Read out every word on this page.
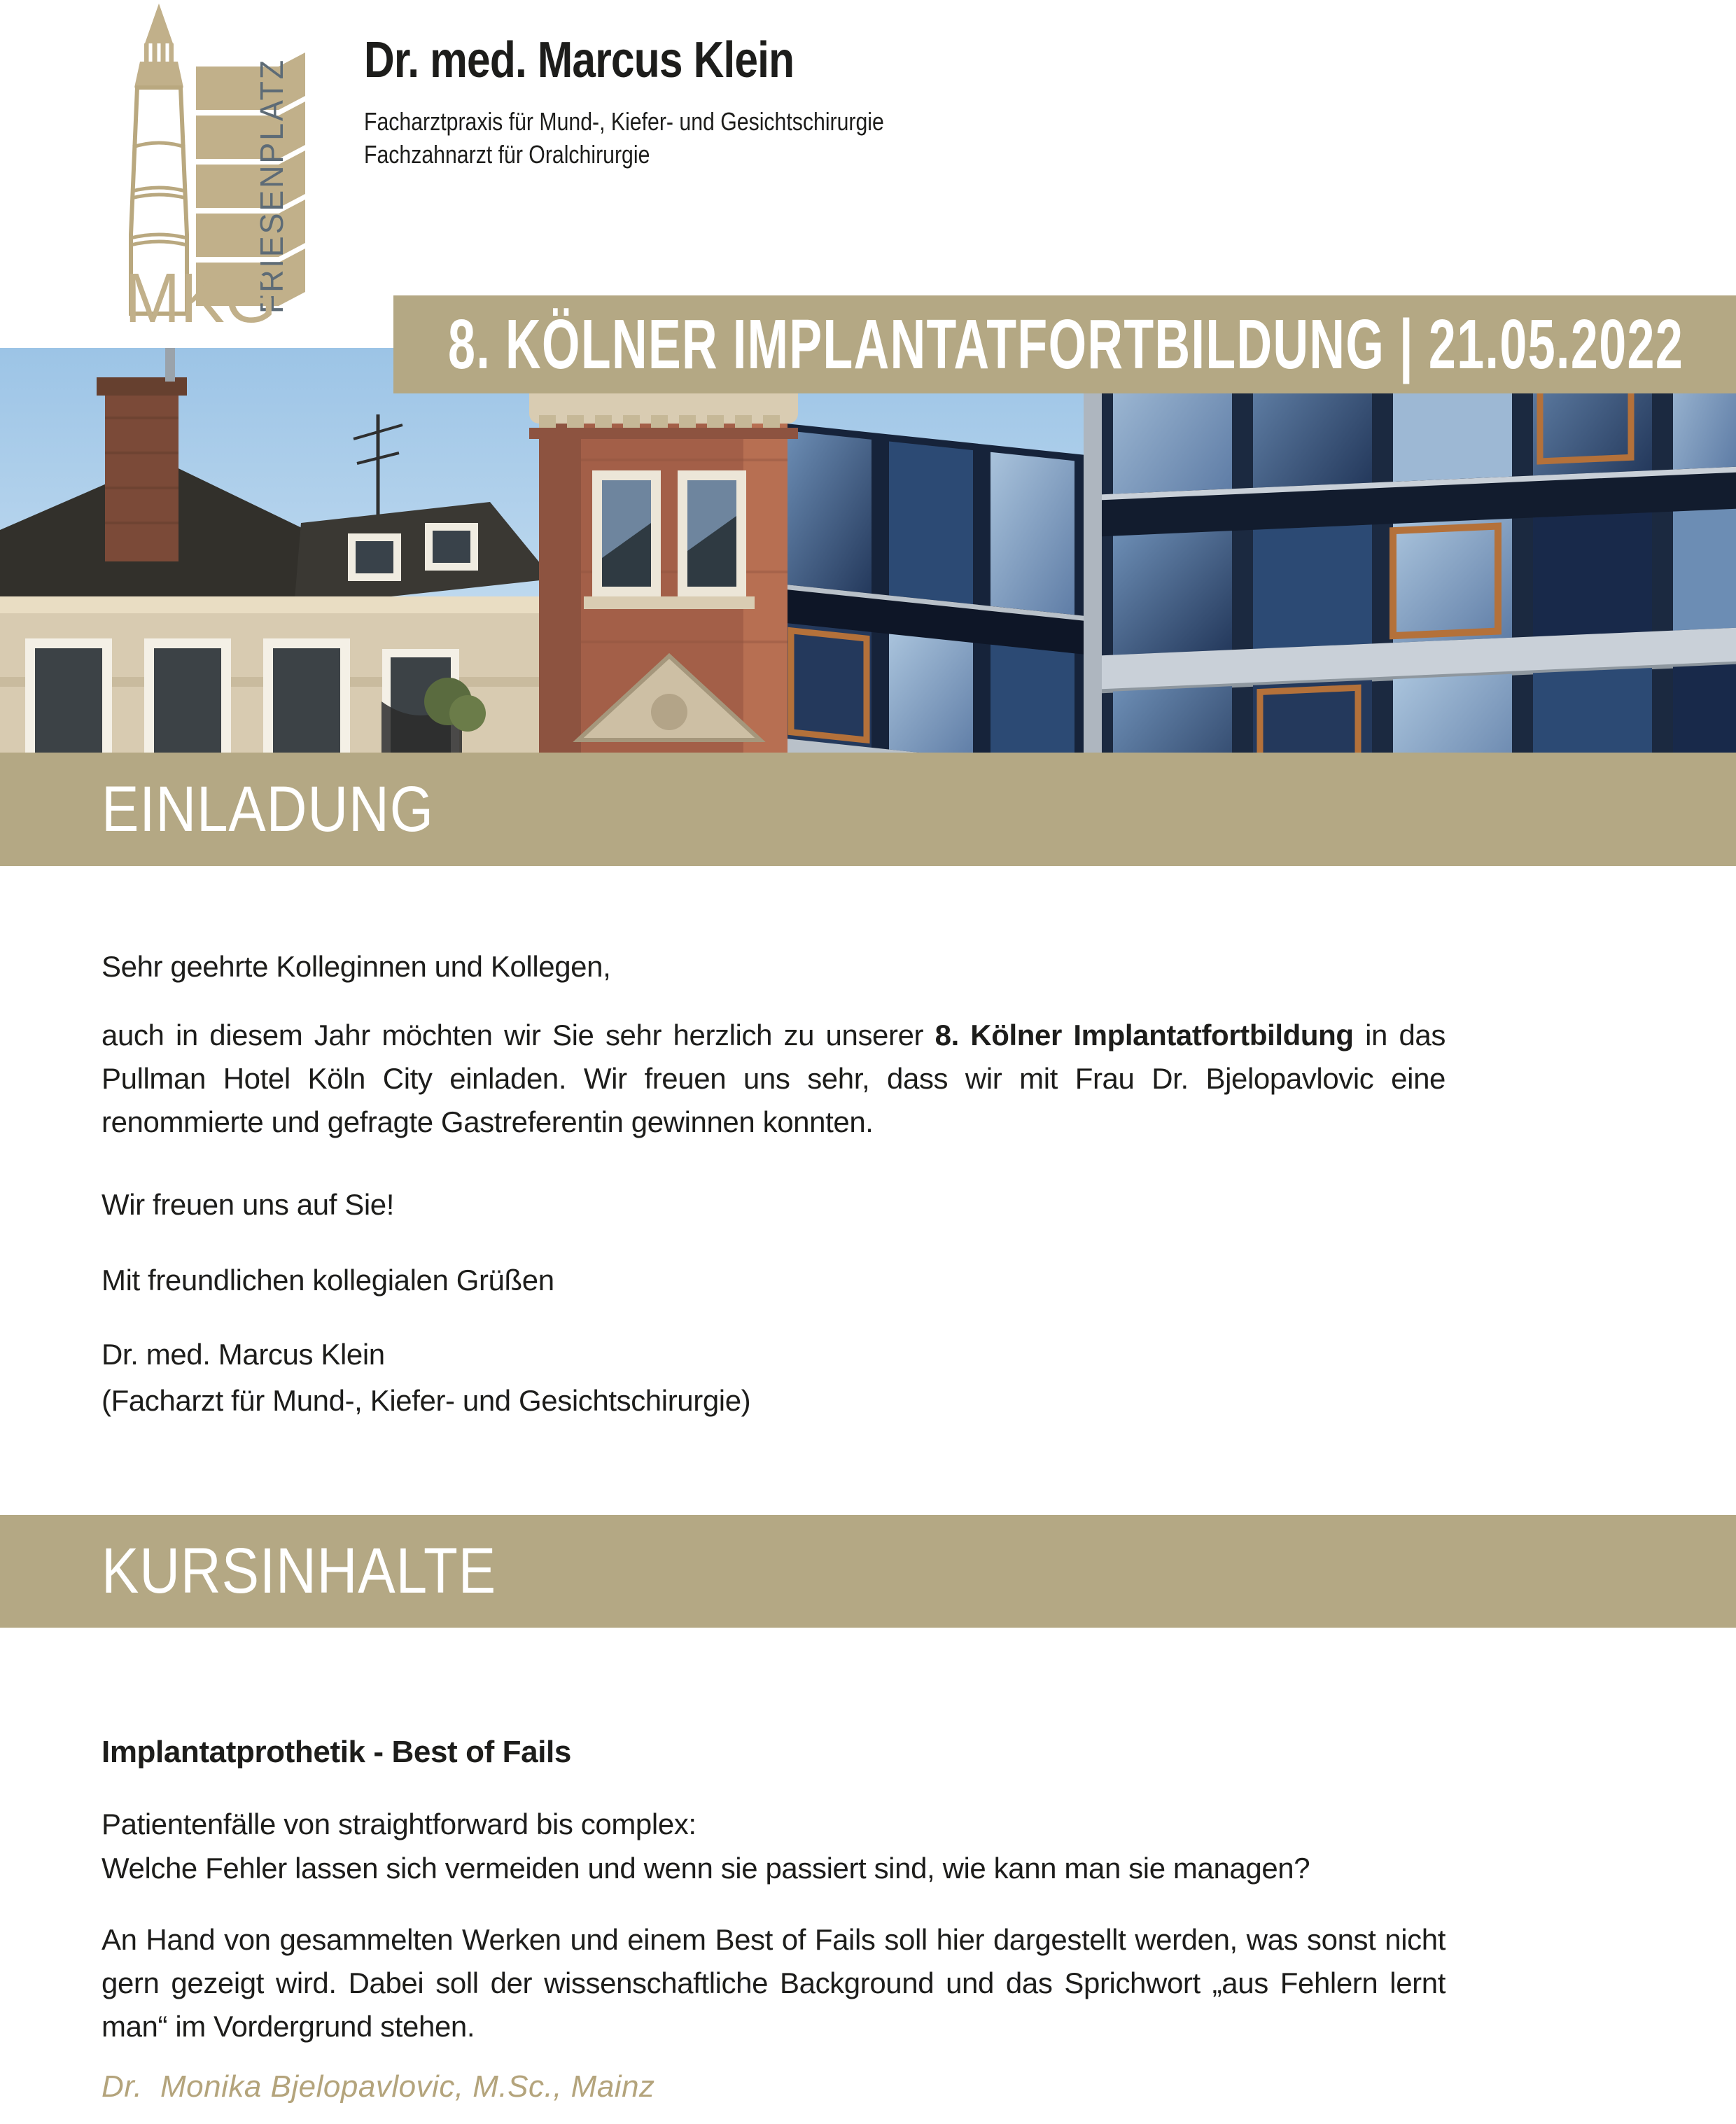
FRIESENPLATZ
MKG
Dr. med. Marcus Klein

Facharztpraxis für Mund-, Kiefer- und Gesichtschirurgie

Fachzahnarzt für Oralchirurgie

8. KÖLNER IMPLANTATFORTBILDUNG | 21.05.2022
EINLADUNG

Sehr geehrte Kolleginnen und Kollegen,

auch in diesem Jahr möchten wir Sie sehr herzlich zu unserer 8. Kölner Implantatfortbildung in das Pullman Hotel Köln City einladen. Wir freuen uns sehr, dass wir mit Frau Dr. Bjelopavlovic eine renommierte und gefragte Gastreferentin gewinnen konnten.

Wir freuen uns auf Sie!

Mit freundlichen kollegialen Grüßen

Dr. med. Marcus Klein
(Facharzt für Mund-, Kiefer- und Gesichtschirurgie)

KURSINHALTE
Implantatprothetik - Best of Fails

Patientenfälle von straightforward bis complex:
Welche Fehler lassen sich vermeiden und wenn sie passiert sind, wie kann man sie managen?

An Hand von gesammelten Werken und einem Best of Fails soll hier dargestellt werden, was sonst nicht gern gezeigt wird. Dabei soll der wissenschaftliche Background und das Sprichwort „aus Fehlern lernt man“ im Vordergrund stehen.

Dr.  Monika Bjelopavlovic, M.Sc., Mainz
